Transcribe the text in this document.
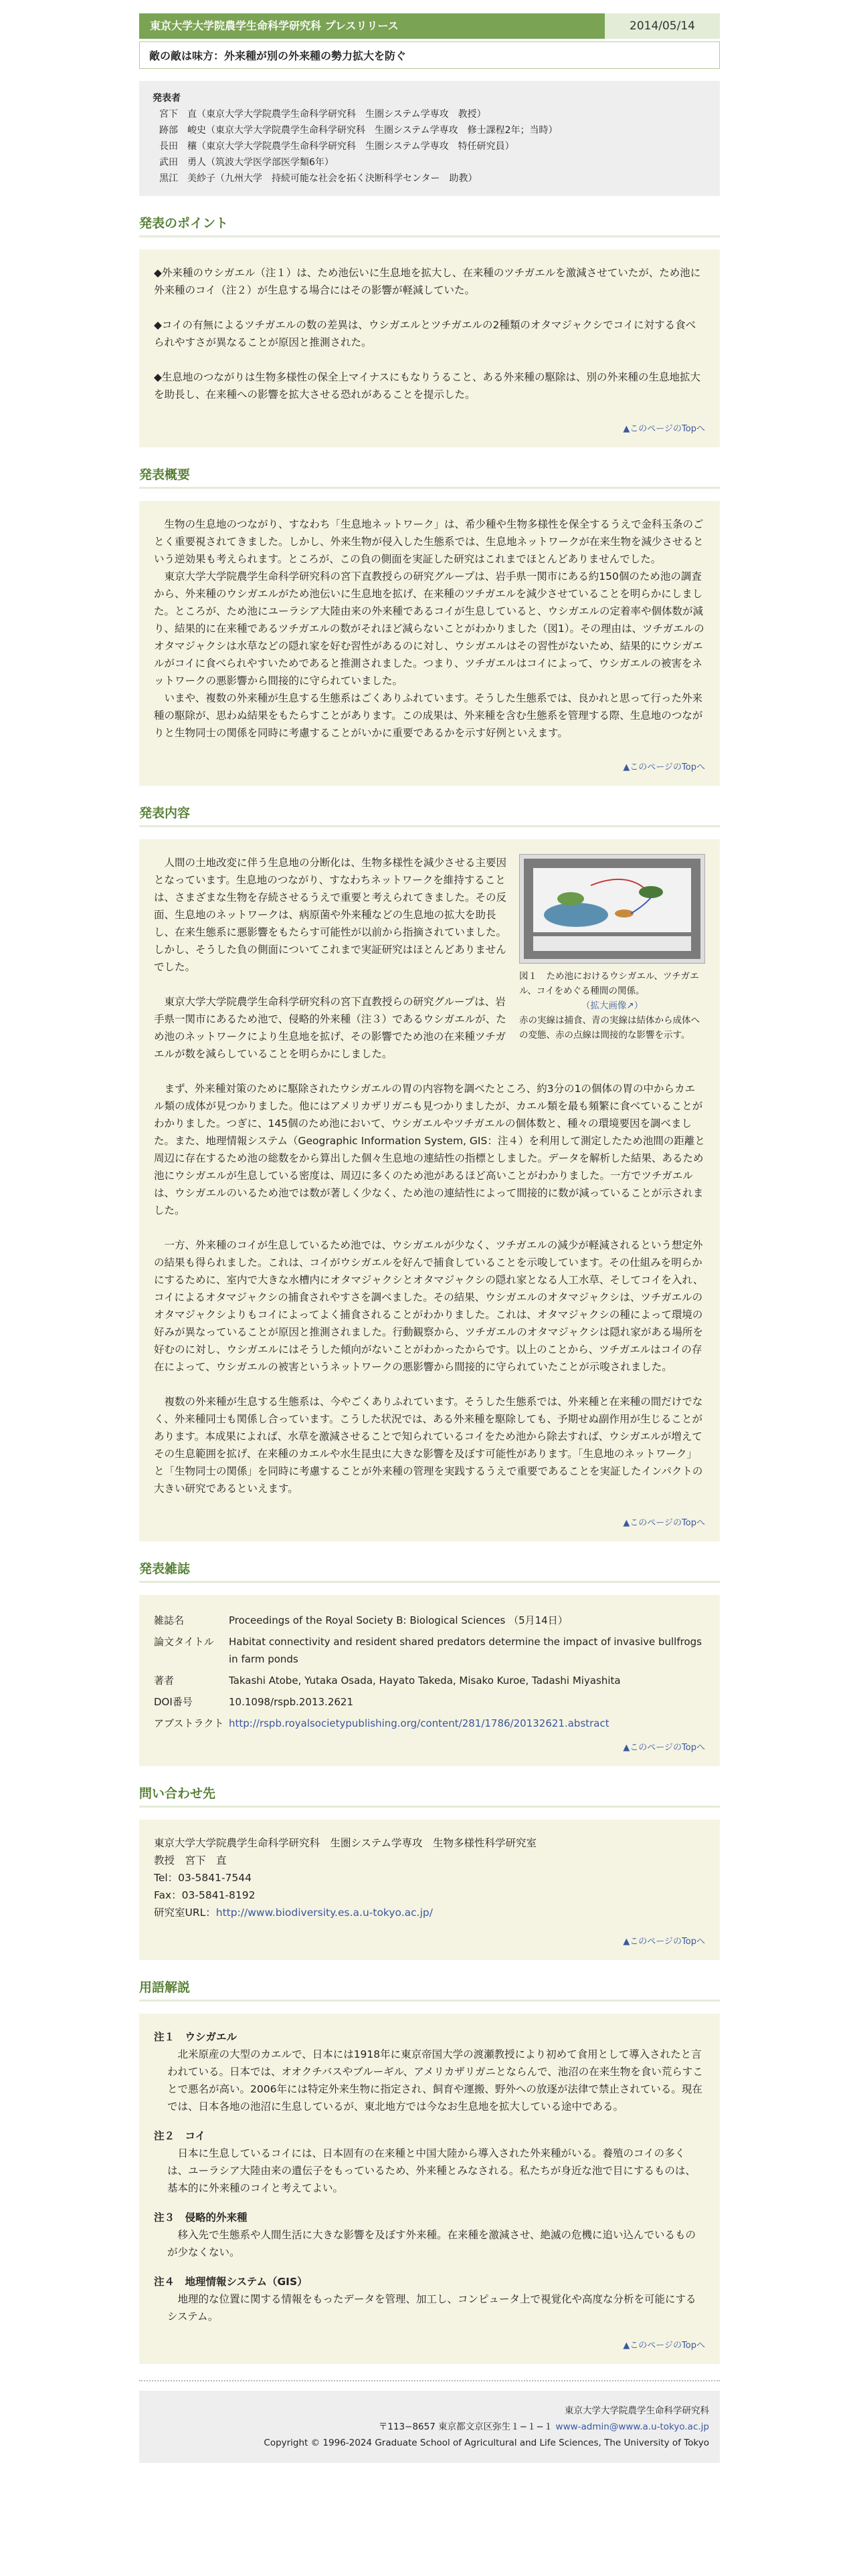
東京大学大学院農学生命科学研究科 プレスリリース	2014/05/14
敵の敵は味方：外来種が別の外来種の勢力拡大を防ぐ
発表者
宮下　直（東京大学大学院農学生命科学研究科　生圏システム学専攻　教授）
跡部　峻史（東京大学大学院農学生命科学研究科　生圏システム学専攻　修士課程2年；当時）
長田　穰（東京大学大学院農学生命科学研究科　生圏システム学専攻　特任研究員）
武田　勇人（筑波大学医学部医学類6年）
黒江　美紗子（九州大学　持続可能な社会を拓く決断科学センター　助教）
発表のポイント

◆外来種のウシガエル（注１）は、ため池伝いに生息地を拡大し、在来種のツチガエルを激減させていたが、ため池に外来種のコイ（注２）が生息する場合にはその影響が軽減していた。

◆コイの有無によるツチガエルの数の差異は、ウシガエルとツチガエルの2種類のオタマジャクシでコイに対する食べられやすさが異なることが原因と推測された。

◆生息地のつながりは生物多様性の保全上マイナスにもなりうること、ある外来種の駆除は、別の外来種の生息地拡大を助長し、在来種への影響を拡大させる恐れがあることを提示した。

▲このページのTopへ
発表概要
生物の生息地のつながり、すなわち「生息地ネットワーク」は、希少種や生物多様性を保全するうえで金科玉条のごとく重要視されてきました。しかし、外来生物が侵入した生態系では、生息地ネットワークが在来生物を減少させるという逆効果も考えられます。ところが、この負の側面を実証した研究はこれまでほとんどありませんでした。
東京大学大学院農学生命科学研究科の宮下直教授らの研究グループは、岩手県一関市にある約150個のため池の調査から、外来種のウシガエルがため池伝いに生息地を拡げ、在来種のツチガエルを減少させていることを明らかにしました。ところが、ため池にユーラシア大陸由来の外来種であるコイが生息していると、ウシガエルの定着率や個体数が減り、結果的に在来種であるツチガエルの数がそれほど減らないことがわかりました（図1）。その理由は、ツチガエルのオタマジャクシは水草などの隠れ家を好む習性があるのに対し、ウシガエルはその習性がないため、結果的にウシガエルがコイに食べられやすいためであると推測されました。つまり、ツチガエルはコイによって、ウシガエルの被害をネットワークの悪影響から間接的に守られていました。
いまや、複数の外来種が生息する生態系はごくありふれています。そうした生態系では、良かれと思って行った外来種の駆除が、思わぬ結果をもたらすことがあります。この成果は、外来種を含む生態系を管理する際、生息地のつながりと生物同士の関係を同時に考慮することがいかに重要であるかを示す好例といえます。
▲このページのTopへ
発表内容
図１　ため池におけるウシガエル、ツチガエル、コイをめぐる種間の関係。
（拡大画像↗）
赤の実線は捕食、青の実線は結体から成体への変態、赤の点線は間接的な影響を示す。

人間の土地改変に伴う生息地の分断化は、生物多様性を減少させる主要因となっています。生息地のつながり、すなわちネットワークを維持することは、さまざまな生物を存続させるうえで重要と考えられてきました。その反面、生息地のネットワークは、病原菌や外来種などの生息地の拡大を助長し、在来生態系に悪影響をもたらす可能性が以前から指摘されていました。しかし、そうした負の側面についてこれまで実証研究はほとんどありませんでした。

東京大学大学院農学生命科学研究科の宮下直教授らの研究グループは、岩手県一関市にあるため池で、侵略的外来種（注３）であるウシガエルが、ため池のネットワークにより生息地を拡げ、その影響でため池の在来種ツチガエルが数を減らしていることを明らかにしました。

まず、外来種対策のために駆除されたウシガエルの胃の内容物を調べたところ、約3分の1の個体の胃の中からカエル類の成体が見つかりました。他にはアメリカザリガニも見つかりましたが、カエル類を最も頻繁に食べていることがわかりました。つぎに、145個のため池において、ウシガエルやツチガエルの個体数と、種々の環境要因を調べました。また、地理情報システム（Geographic Information System, GIS：注４）を利用して測定したため池間の距離と周辺に存在するため池の総数をから算出した個々生息地の連結性の指標としました。データを解析した結果、あるため池にウシガエルが生息している密度は、周辺に多くのため池があるほど高いことがわかりました。一方でツチガエルは、ウシガエルのいるため池では数が著しく少なく、ため池の連結性によって間接的に数が減っていることが示されました。

一方、外来種のコイが生息しているため池では、ウシガエルが少なく、ツチガエルの減少が軽減されるという想定外の結果も得られました。これは、コイがウシガエルを好んで捕食していることを示唆しています。その仕組みを明らかにするために、室内で大きな水槽内にオタマジャクシとオタマジャクシの隠れ家となる人工水草、そしてコイを入れ、コイによるオタマジャクシの捕食されやすさを調べました。その結果、ウシガエルのオタマジャクシは、ツチガエルのオタマジャクシよりもコイによってよく捕食されることがわかりました。これは、オタマジャクシの種によって環境の好みが異なっていることが原因と推測されました。行動観察から、ツチガエルのオタマジャクシは隠れ家がある場所を好むのに対し、ウシガエルにはそうした傾向がないことがわかったからです。以上のことから、ツチガエルはコイの存在によって、ウシガエルの被害というネットワークの悪影響から間接的に守られていたことが示唆されました。

複数の外来種が生息する生態系は、今やごくありふれています。そうした生態系では、外来種と在来種の間だけでなく、外来種同士も関係し合っています。こうした状況では、ある外来種を駆除しても、予期せぬ副作用が生じることがあります。本成果によれば、水草を激減させることで知られているコイをため池から除去すれば、ウシガエルが増えてその生息範囲を拡げ、在来種のカエルや水生昆虫に大きな影響を及ぼす可能性があります。「生息地のネットワーク」と「生物同士の関係」を同時に考慮することが外来種の管理を実践するうえで重要であることを実証したインパクトの大きい研究であるといえます。

▲このページのTopへ
発表雑誌
雑誌名	Proceedings of the Royal Society B: Biological Sciences （5月14日）
論文タイトル	Habitat connectivity and resident shared predators determine the impact of invasive bullfrogs in farm ponds
著者	Takashi Atobe, Yutaka Osada, Hayato Takeda, Misako Kuroe, Tadashi Miyashita
DOI番号	10.1098/rspb.2013.2621
アブストラクト	http://rspb.royalsocietypublishing.org/content/281/1786/20132621.abstract
▲このページのTopへ
問い合わせ先
東京大学大学院農学生命科学研究科　生圏システム学専攻　生物多様性科学研究室
教授　宮下　直
Tel：03-5841-7544
Fax：03-5841-8192
研究室URL：http://www.biodiversity.es.a.u-tokyo.ac.jp/
▲このページのTopへ
用語解説
注１　ウシガエル
北米原産の大型のカエルで、日本には1918年に東京帝国大学の渡瀬教授により初めて食用として導入されたと言われている。日本では、オオクチバスやブルーギル、アメリカザリガニとならんで、池沼の在来生物を食い荒らすことで悪名が高い。2006年には特定外来生物に指定され、飼育や運搬、野外への放逐が法律で禁止されている。現在では、日本各地の池沼に生息しているが、東北地方では今なお生息地を拡大している途中である。
注２　コイ
日本に生息しているコイには、日本固有の在来種と中国大陸から導入された外来種がいる。養殖のコイの多くは、ユーラシア大陸由来の遺伝子をもっているため、外来種とみなされる。私たちが身近な池で目にするものは、基本的に外来種のコイと考えてよい。
注３　侵略的外来種
移入先で生態系や人間生活に大きな影響を及ぼす外来種。在来種を激減させ、絶滅の危機に追い込んでいるものが少なくない。
注４　地理情報システム（GIS）
地理的な位置に関する情報をもったデータを管理、加工し、コンピュータ上で視覚化や高度な分析を可能にするシステム。
▲このページのTopへ
東京大学大学院農学生命科学研究科
〒113−8657 東京都文京区弥生１−１−１ www-admin@www.a.u-tokyo.ac.jp
Copyright © 1996-2024 Graduate School of Agricultural and Life Sciences, The University of Tokyo
